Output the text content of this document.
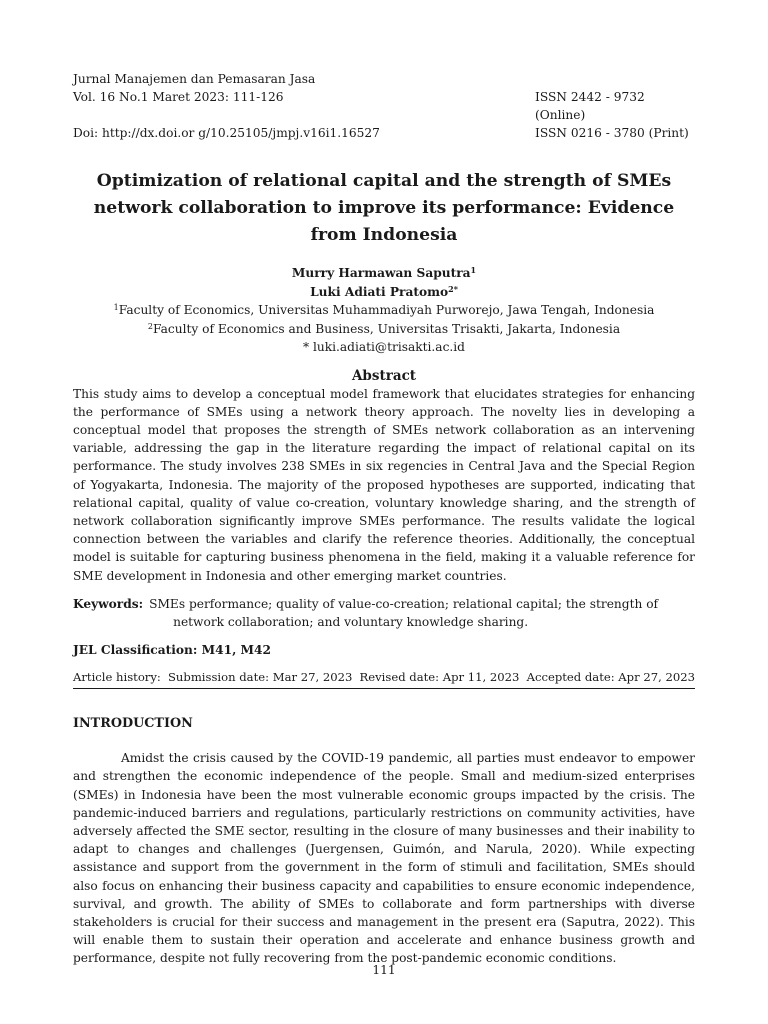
Jurnal Manajemen dan Pemasaran Jasa
Vol. 16 No.1 Maret 2023: 111-126	ISSN 2442 - 9732 (Online)
Doi: http://dx.doi.or g/10.25105/jmpj.v16i1.16527	ISSN 0216 - 3780 (Print)
Optimization of relational capital and the strength of SMEs network collaboration to improve its performance: Evidence from Indonesia
Murry Harmawan Saputra$^1$
Luki Adiati Pratomo$^{2*}$
$^1$Faculty of Economics, Universitas Muhammadiyah Purworejo, Jawa Tengah, Indonesia
$^2$Faculty of Economics and Business, Universitas Trisakti, Jakarta, Indonesia
* luki.adiati@trisakti.ac.id
Abstract
This study aims to develop a conceptual model framework that elucidates strategies for enhancing the performance of SMEs using a network theory approach. The novelty lies in developing a conceptual model that proposes the strength of SMEs network collaboration as an intervening variable, addressing the gap in the literature regarding the impact of relational capital on its performance. The study involves 238 SMEs in six regencies in Central Java and the Special Region of Yogyakarta, Indonesia. The majority of the proposed hypotheses are supported, indicating that relational capital, quality of value co-creation, voluntary knowledge sharing, and the strength of network collaboration significantly improve SMEs performance. The results validate the logical connection between the variables and clarify the reference theories. Additionally, the conceptual model is suitable for capturing business phenomena in the field, making it a valuable reference for SME development in Indonesia and other emerging market countries.
Keywords: SMEs performance; quality of value-co-creation; relational capital; the strength of
network collaboration; and voluntary knowledge sharing.
JEL Classification: M41, M42
Article history: Submission date: Mar 27, 2023 Revised date: Apr 11, 2023 Accepted date: Apr 27, 2023
INTRODUCTION
Amidst the crisis caused by the COVID-19 pandemic, all parties must endeavor to empower and strengthen the economic independence of the people. Small and medium-sized enterprises (SMEs) in Indonesia have been the most vulnerable economic groups impacted by the crisis. The pandemic-induced barriers and regulations, particularly restrictions on community activities, have adversely affected the SME sector, resulting in the closure of many businesses and their inability to adapt to changes and challenges (Juergensen, Guimón, and Narula, 2020). While expecting assistance and support from the government in the form of stimuli and facilitation, SMEs should also focus on enhancing their business capacity and capabilities to ensure economic independence, survival, and growth. The ability of SMEs to collaborate and form partnerships with diverse stakeholders is crucial for their success and management in the present era (Saputra, 2022). This will enable them to sustain their operation and accelerate and enhance business growth and performance, despite not fully recovering from the post-pandemic economic conditions.
111
